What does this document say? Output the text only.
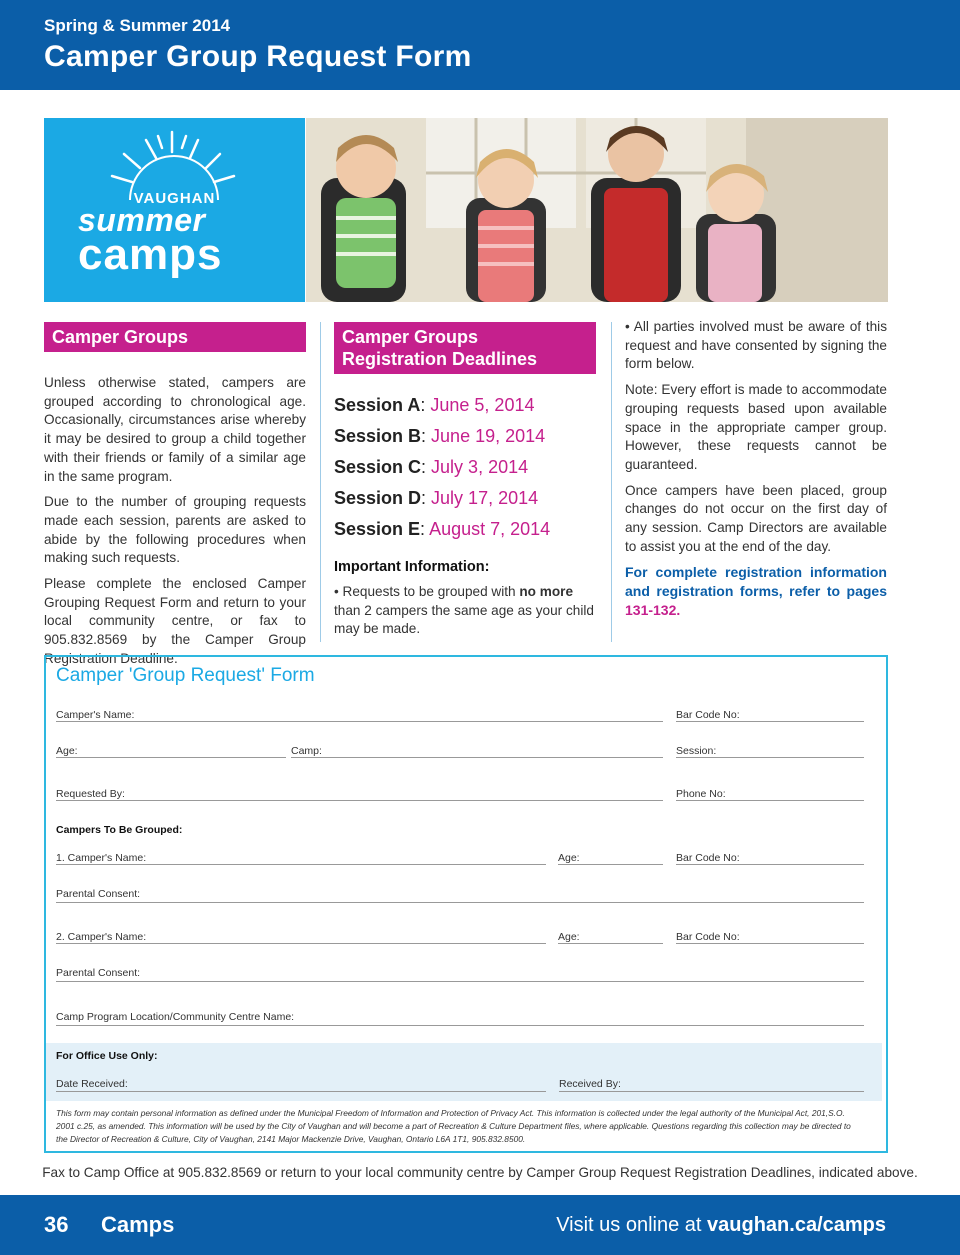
Spring & Summer 2014
Camper Group Request Form
VAUGHAN
summer
camps
Camper Groups

Unless otherwise stated, campers are grouped according to chronological age. Occasionally, circumstances arise whereby it may be desired to group a child together with their friends or family of a similar age in the same program.

Due to the number of grouping requests made each session, parents are asked to abide by the following procedures when making such requests.

Please complete the enclosed Camper Grouping Request Form and return to your local community centre, or fax to 905.832.8569 by the Camper Group Registration Deadline.

Camper Groups
Registration Deadlines
Session A: June 5, 2014
Session B: June 19, 2014
Session C: July 3, 2014
Session D: July 17, 2014
Session E: August 7, 2014
Important Information:

• Requests to be grouped with no more than 2 campers the same age as your child may be made.

• All parties involved must be aware of this request and have consented by signing the form below.

Note: Every effort is made to accommodate grouping requests based upon available space in the appropriate camper group. However, these requests cannot be guaranteed.

Once campers have been placed, group changes do not occur on the first day of any session. Camp Directors are available to assist you at the end of the day.

For complete registration information and registration forms, refer to pages 131-132.

Camper 'Group Request' Form
Camper's Name:	Bar Code No:
Age:	Camp:	Session:
Requested By:	Phone No:
Campers To Be Grouped:
1. Camper's Name:	Age:	Bar Code No:
Parental Consent:
2. Camper's Name:	Age:	Bar Code No:
Parental Consent:
Camp Program Location/Community Centre Name:
For Office Use Only:
Date Received:	Received By:
This form may contain personal information as defined under the Municipal Freedom of Information and Protection of Privacy Act. This information is collected under the legal authority of the Municipal Act, 201,S.O. 2001 c.25, as amended. This information will be used by the City of Vaughan and will become a part of Recreation & Culture Department files, where applicable. Questions regarding this collection may be directed to the Director of Recreation & Culture, City of Vaughan, 2141 Major Mackenzie Drive, Vaughan, Ontario L6A 1T1, 905.832.8500.
Fax to Camp Office at 905.832.8569 or return to your local community centre by Camper Group Request Registration Deadlines, indicated above.
36 Camps	Visit us online at vaughan.ca/camps
